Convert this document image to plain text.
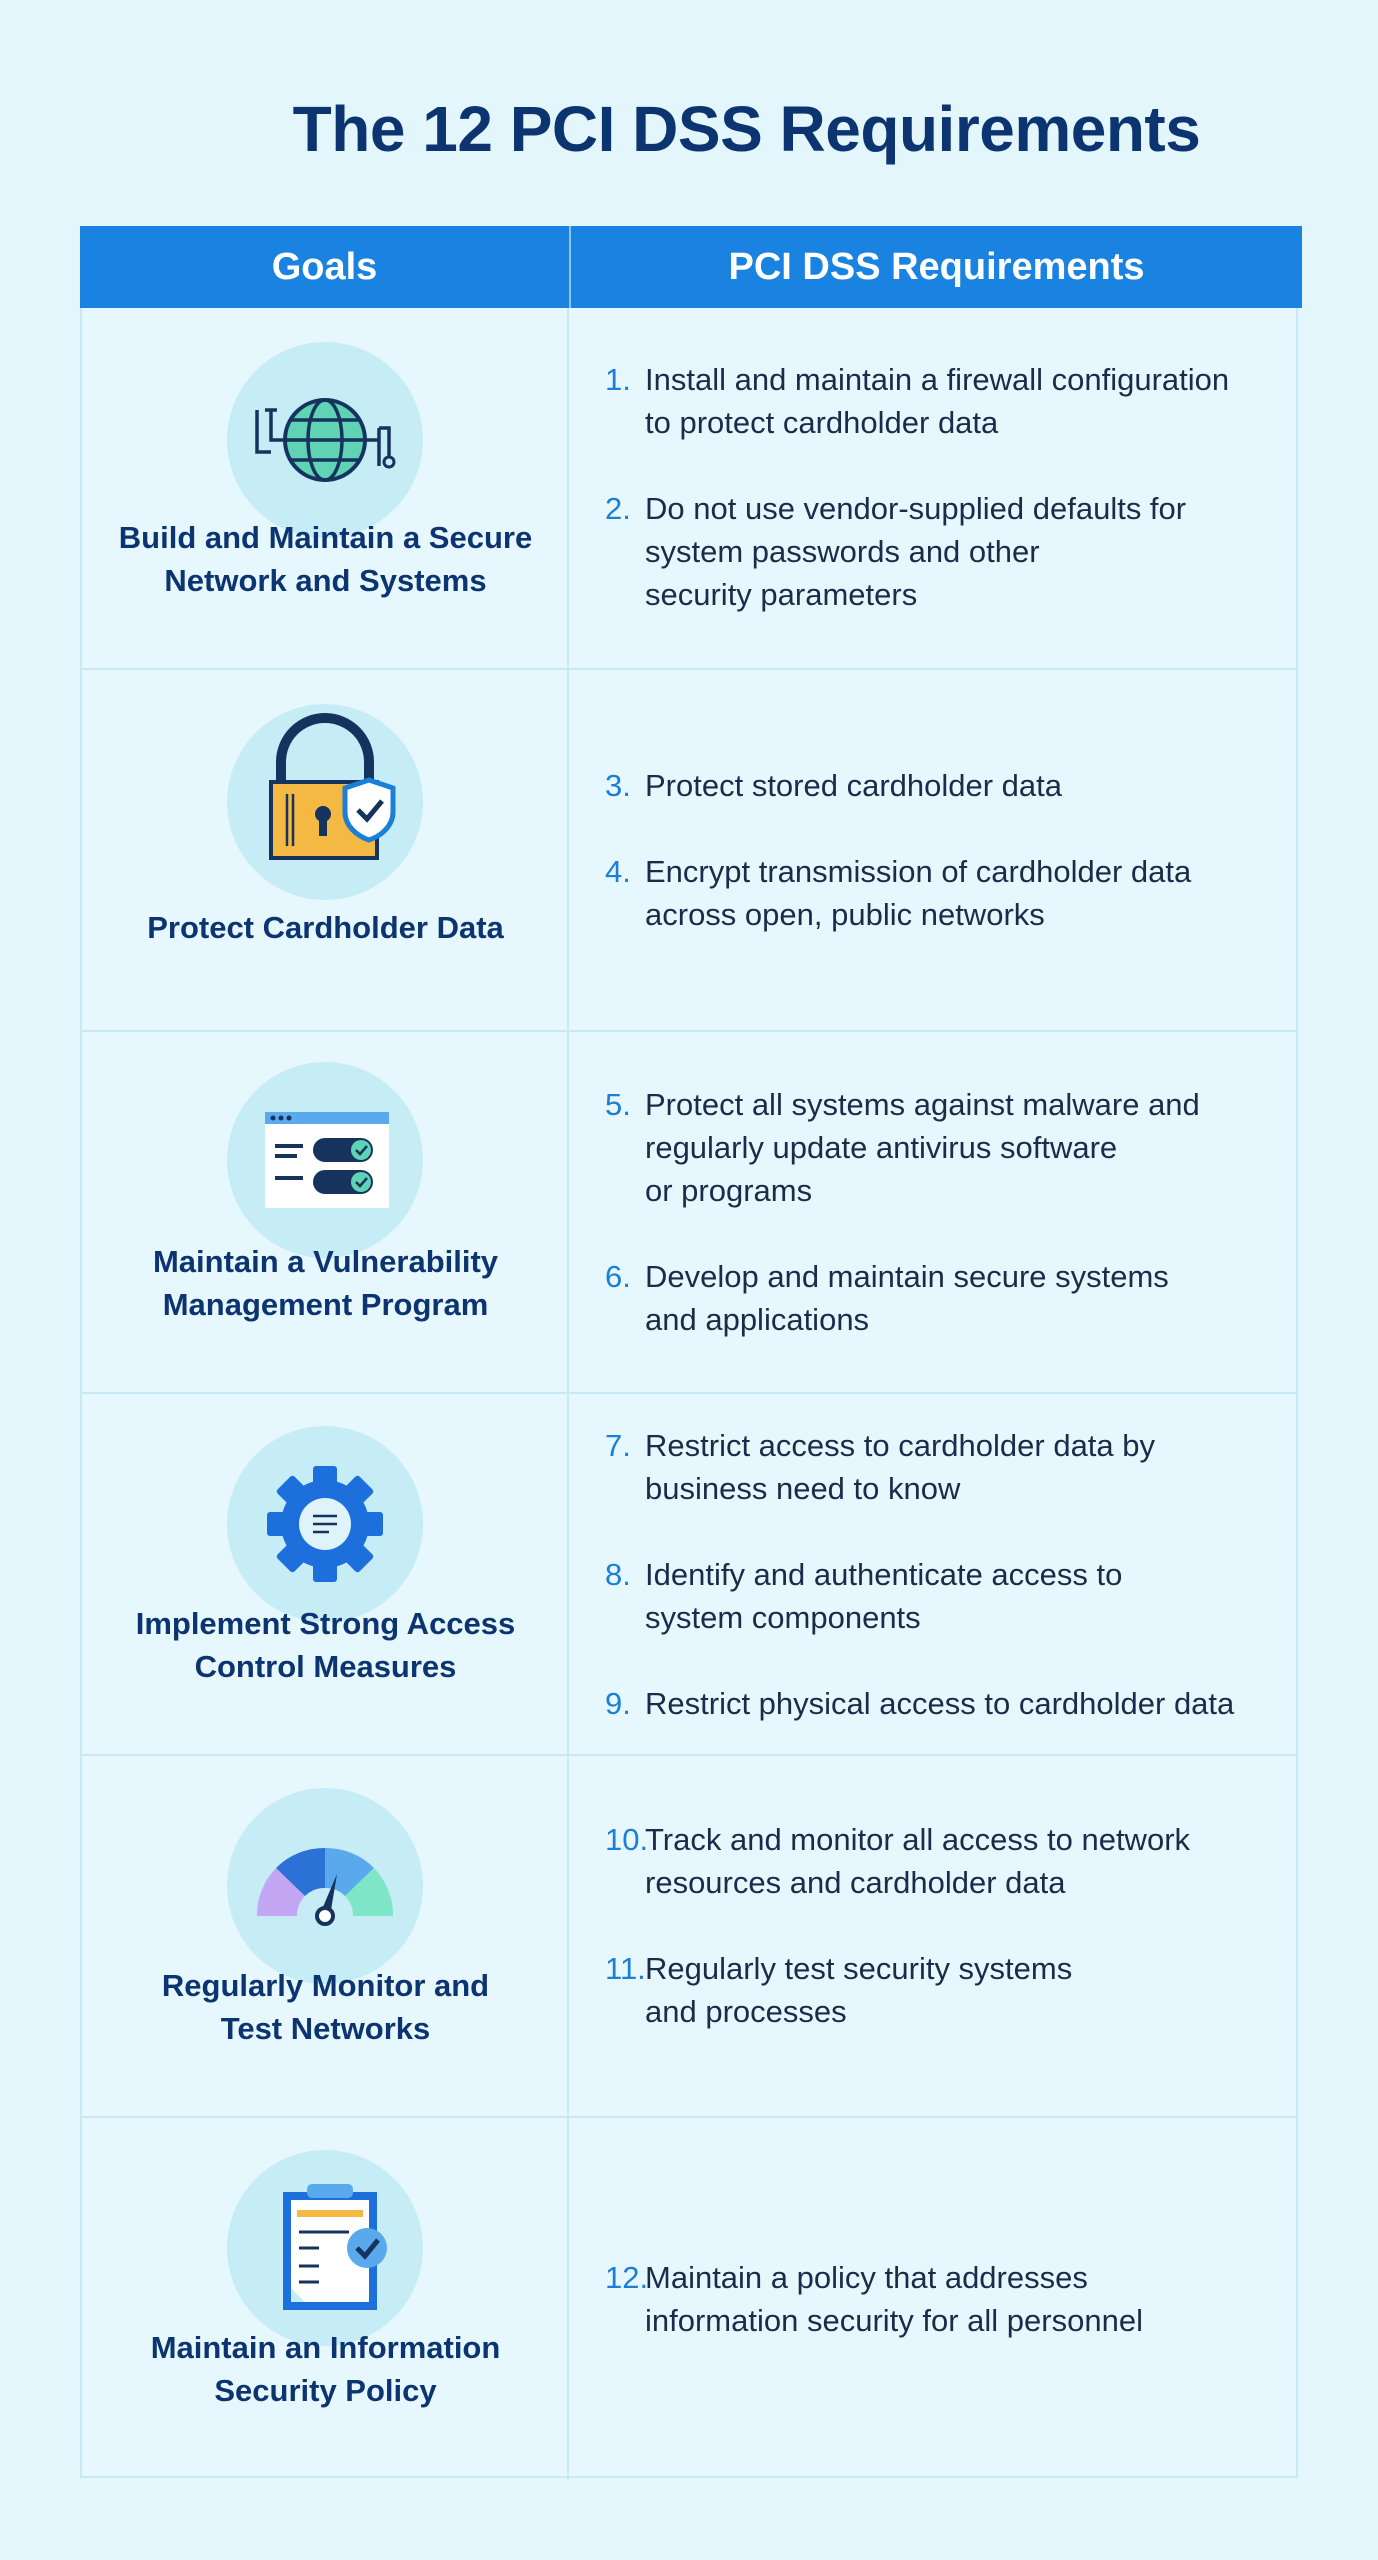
The 12 PCI DSS Requirements
Goals	PCI DSS Requirements
Build and Maintain a Secure
Network and Systems
1. Install and maintain a firewall configuration
to protect cardholder data
2. Do not use vendor-supplied defaults for
system passwords and other
security parameters
Protect Cardholder Data
3. Protect stored cardholder data
4. Encrypt transmission of cardholder data
across open, public networks
Maintain a Vulnerability
Management Program
5. Protect all systems against malware and
regularly update antivirus software
or programs
6. Develop and maintain secure systems
and applications
Implement Strong Access
Control Measures
7. Restrict access to cardholder data by
business need to know
8. Identify and authenticate access to
system components
9. Restrict physical access to cardholder data
Regularly Monitor and
Test Networks
10.
Track and monitor all access to network
resources and cardholder data
11. Regularly test security systems
and processes
Maintain an Information
Security Policy
12.
Maintain a policy that addresses
information security for all personnel
